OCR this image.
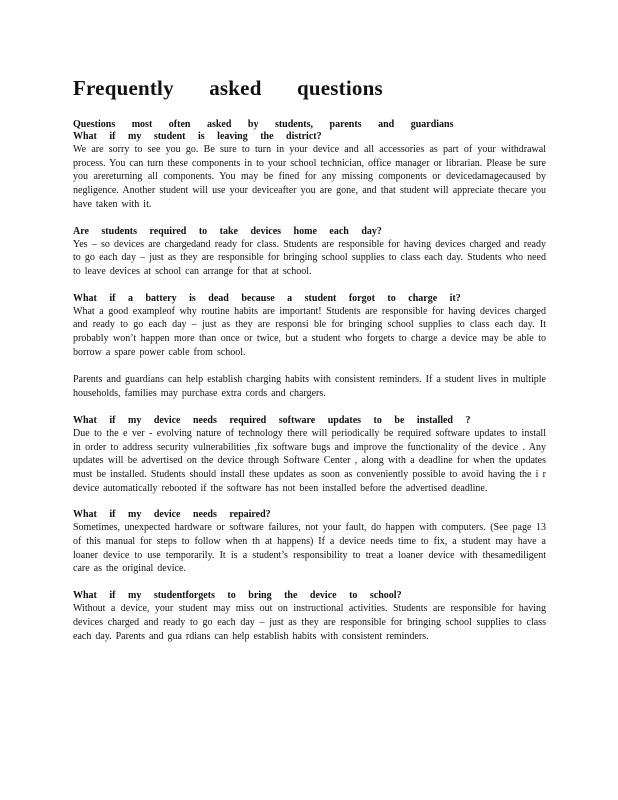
Frequently asked questions

Questions most often asked by students, parents and guardians

What if my student is leaving the district?

We are sorry to see you go. Be sure to turn in your device and all accessories as part of your withdrawal process. You can turn these components in to your school technician, office manager or librarian. Please be sure you arereturning all components. You may be fined for any missing components or devicedamagecaused by negligence. Another student will use your deviceafter you are gone, and that student will appreciate thecare you have taken with it.

Are students required to take devices home each day?

Yes – so devices are chargedand ready for class. Students are responsible for having devices charged and ready to go each day – just as they are responsible for bringing school supplies to class each day. Students who need to leave devices at school can arrange for that at school.

What if a battery is dead because a student forgot to charge it?

What a good exampleof why routine habits are important! Students are responsible for having devices charged and ready to go each day – just as they are responsi ble for bringing school supplies to class each day. It probably won’t happen more than once or twice, but a student who forgets to charge a device may be able to borrow a spare power cable from school.

Parents and guardians can help establish charging habits with consistent reminders. If a student lives in multiple households, families may purchase extra cords and chargers.

What if my device needs required software updates to be installed ?

Due to the e ver - evolving nature of technology there will periodically be required software updates to install in order to address security vulnerabilities ,fix software bugs and improve the functionality of the device . Any updates will be advertised on the device through Software Center , along with a deadline for when the updates must be installed. Students should install these updates as soon as conveniently possible to avoid having the i r device automatically rebooted if the software has not been installed before the advertised deadline.

What if my device needs repaired?

Sometimes, unexpected hardware or software failures, not your fault, do happen with computers. (See page 13 of this manual for steps to follow when th at happens) If a device needs time to fix, a student may have a loaner device to use temporarily. It is a student’s responsibility to treat a loaner device with thesamediligent care as the original device.

What if my studentforgets to bring the device to school?

Without a device, your student may miss out on instructional activities. Students are responsible for having devices charged and ready to go each day – just as they are responsible for bringing school supplies to class each day. Parents and gua rdians can help establish habits with consistent reminders.
